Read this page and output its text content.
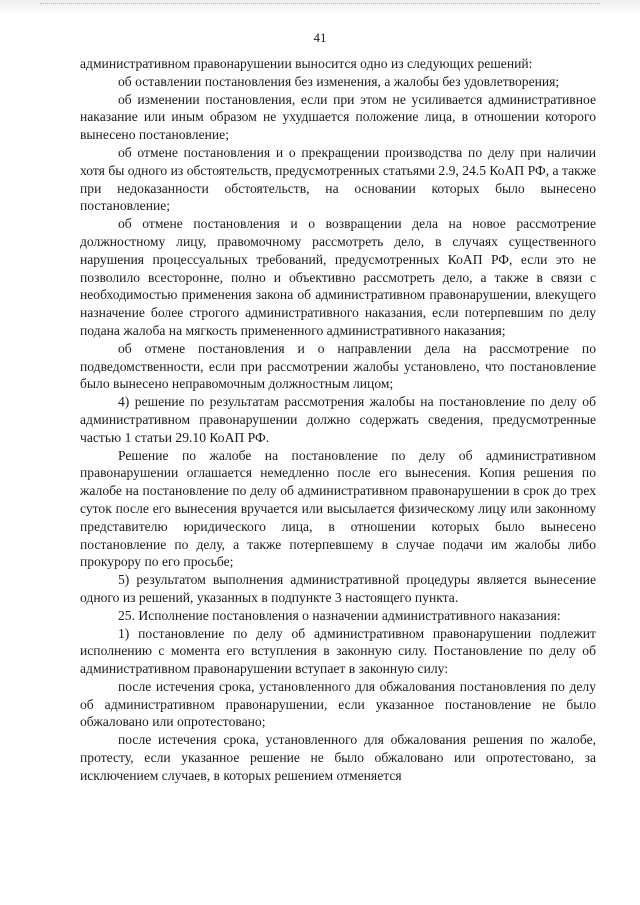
41

административном правонарушении выносится одно из следующих решений:

об оставлении постановления без изменения, а жалобы без удовлетворения;

об изменении постановления, если при этом не усиливается административное наказание или иным образом не ухудшается положение лица, в отношении которого вынесено постановление;

об отмене постановления и о прекращении производства по делу при наличии хотя бы одного из обстоятельств, предусмотренных статьями 2.9, 24.5 КоАП РФ, а также при недоказанности обстоятельств, на основании которых было вынесено постановление;

об отмене постановления и о возвращении дела на новое рассмотрение должностному лицу, правомочному рассмотреть дело, в случаях существенного нарушения процессуальных требований, предусмотренных КоАП РФ, если это не позволило всесторонне, полно и объективно рассмотреть дело, а также в связи с необходимостью применения закона об административном правонарушении, влекущего назначение более строгого административного наказания, если потерпевшим по делу подана жалоба на мягкость примененного административного наказания;

об отмене постановления и о направлении дела на рассмотрение по подведомственности, если при рассмотрении жалобы установлено, что постановление было вынесено неправомочным должностным лицом;

4) решение по результатам рассмотрения жалобы на постановление по делу об административном правонарушении должно содержать сведения, предусмотренные частью 1 статьи 29.10 КоАП РФ.

Решение по жалобе на постановление по делу об административном правонарушении оглашается немедленно после его вынесения. Копия решения по жалобе на постановление по делу об административном правонарушении в срок до трех суток после его вынесения вручается или высылается физическому лицу или законному представителю юридического лица, в отношении которых было вынесено постановление по делу, а также потерпевшему в случае подачи им жалобы либо прокурору по его просьбе;

5) результатом выполнения административной процедуры является вынесение одного из решений, указанных в подпункте 3 настоящего пункта.

25. Исполнение постановления о назначении административного наказания:

1) постановление по делу об административном правонарушении подлежит исполнению с момента его вступления в законную силу. Постановление по делу об административном правонарушении вступает в законную силу:

после истечения срока, установленного для обжалования постановления по делу об административном правонарушении, если указанное постановление не было обжаловано или опротестовано;

после истечения срока, установленного для обжалования решения по жалобе, протесту, если указанное решение не было обжаловано или опротестовано, за исключением случаев, в которых решением отменяется
